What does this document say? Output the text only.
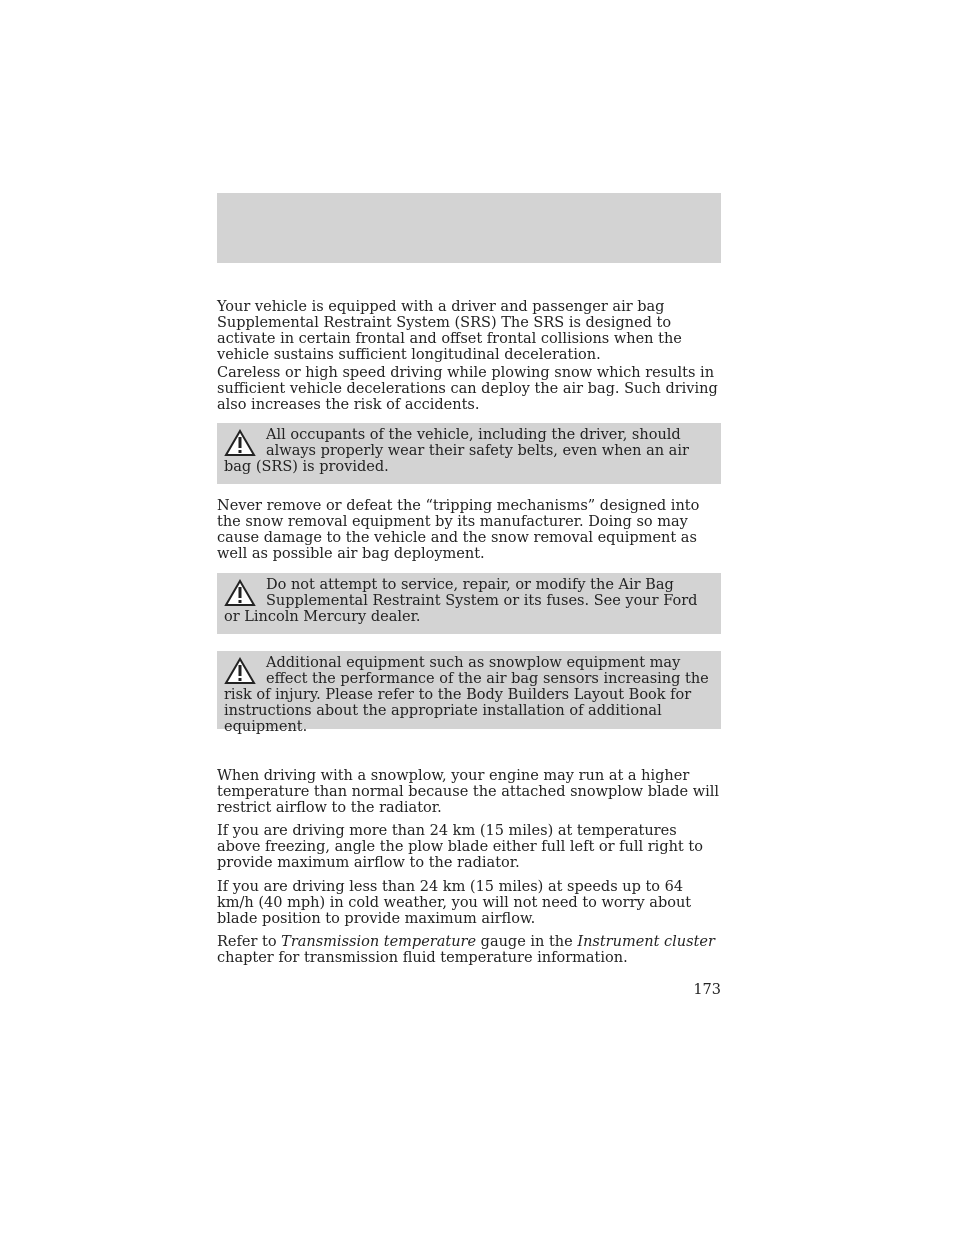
Your vehicle is equipped with a driver and passenger air bag Supplemental Restraint System (SRS) The SRS is designed to activate in certain frontal and offset frontal collisions when the vehicle sustains sufficient longitudinal deceleration.

Careless or high speed driving while plowing snow which results in sufficient vehicle decelerations can deploy the air bag. Such driving also increases the risk of accidents.

All occupants of the vehicle, including the driver, should always properly wear their safety belts, even when an air bag (SRS) is provided.

Never remove or defeat the “tripping mechanisms” designed into the snow removal equipment by its manufacturer. Doing so may cause damage to the vehicle and the snow removal equipment as well as possible air bag deployment.

Do not attempt to service, repair, or modify the Air Bag Supplemental Restraint System or its fuses. See your Ford or Lincoln Mercury dealer.
Additional equipment such as snowplow equipment may effect the performance of the air bag sensors increasing the risk of injury. Please refer to the Body Builders Layout Book for instructions about the appropriate installation of additional equipment.

When driving with a snowplow, your engine may run at a higher temperature than normal because the attached snowplow blade will restrict airflow to the radiator.

If you are driving more than 24 km (15 miles) at temperatures above freezing, angle the plow blade either full left or full right to provide maximum airflow to the radiator.

If you are driving less than 24 km (15 miles) at speeds up to 64 km/h (40 mph) in cold weather, you will not need to worry about blade position to provide maximum airflow.

Refer to Transmission temperature gauge in the Instrument cluster chapter for transmission fluid temperature information.

173
